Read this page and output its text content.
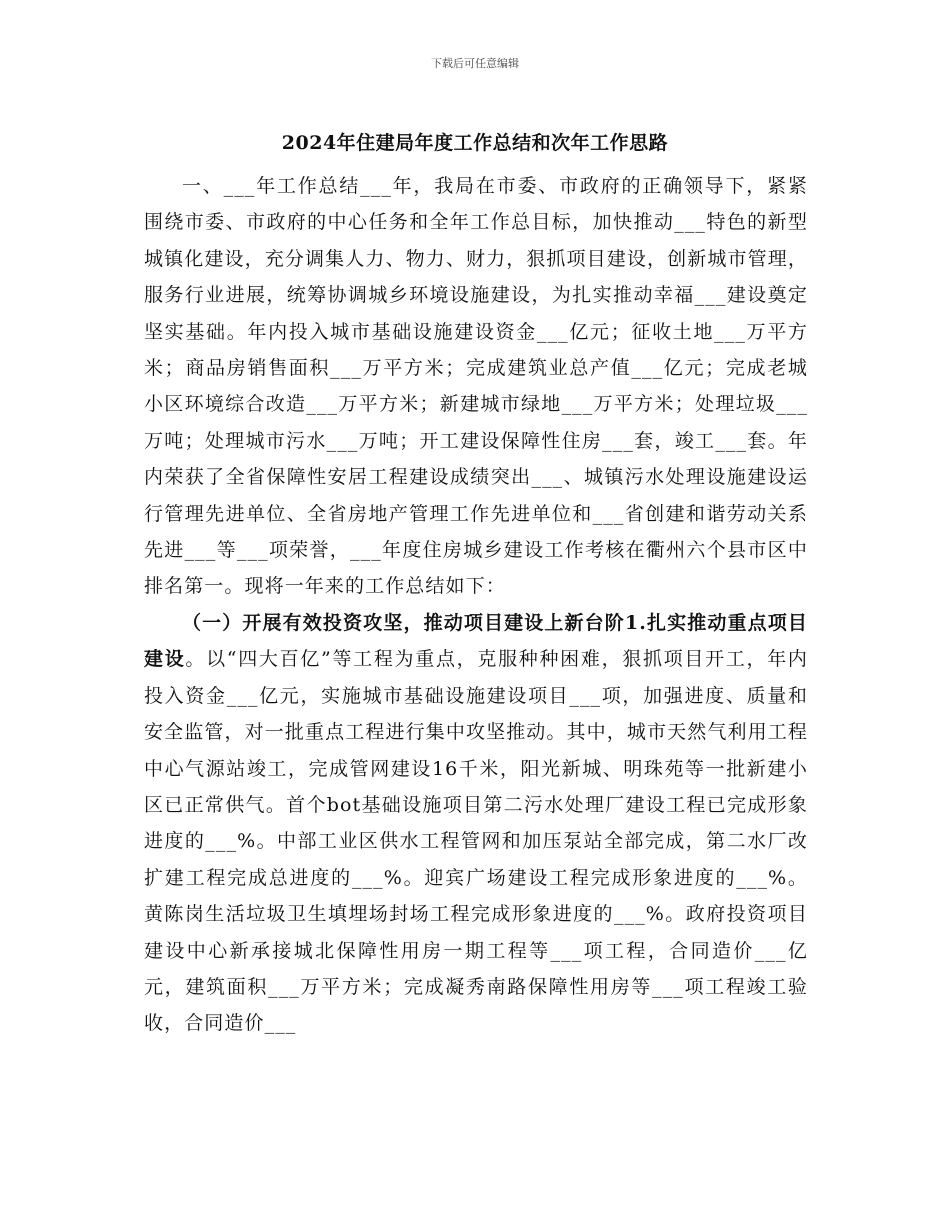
下载后可任意编辑
2024年住建局年度工作总结和次年工作思路

一、___年工作总结___年，我局在市委、市政府的正确领导下，紧紧围绕市委、市政府的中心任务和全年工作总目标，加快推动___特色的新型城镇化建设，充分调集人力、物力、财力，狠抓项目建设，创新城市管理，服务行业进展，统筹协调城乡环境设施建设，为扎实推动幸福___建设奠定坚实基础。年内投入城市基础设施建设资金___亿元；征收土地___万平方米；商品房销售面积___万平方米；完成建筑业总产值___亿元；完成老城小区环境综合改造___万平方米；新建城市绿地___万平方米；处理垃圾___万吨；处理城市污水___万吨；开工建设保障性住房___套，竣工___套。年内荣获了全省保障性安居工程建设成绩突出___、城镇污水处理设施建设运行管理先进单位、全省房地产管理工作先进单位和___省创建和谐劳动关系先进___等___项荣誉，___年度住房城乡建设工作考核在衢州六个县市区中排名第一。现将一年来的工作总结如下：

（一）开展有效投资攻坚，推动项目建设上新台阶1.扎实推动重点项目建设。以“四大百亿”等工程为重点，克服种种困难，狠抓项目开工，年内投入资金___亿元，实施城市基础设施建设项目___项，加强进度、质量和安全监管，对一批重点工程进行集中攻坚推动。其中，城市天然气利用工程中心气源站竣工，完成管网建设16千米，阳光新城、明珠苑等一批新建小区已正常供气。首个bot基础设施项目第二污水处理厂建设工程已完成形象进度的___%。中部工业区供水工程管网和加压泵站全部完成，第二水厂改扩建工程完成总进度的___%。迎宾广场建设工程完成形象进度的___%。黄陈岗生活垃圾卫生填埋场封场工程完成形象进度的___%。政府投资项目建设中心新承接城北保障性用房一期工程等___项工程，合同造价___亿元，建筑面积___万平方米；完成凝秀南路保障性用房等___项工程竣工验收，合同造价___
